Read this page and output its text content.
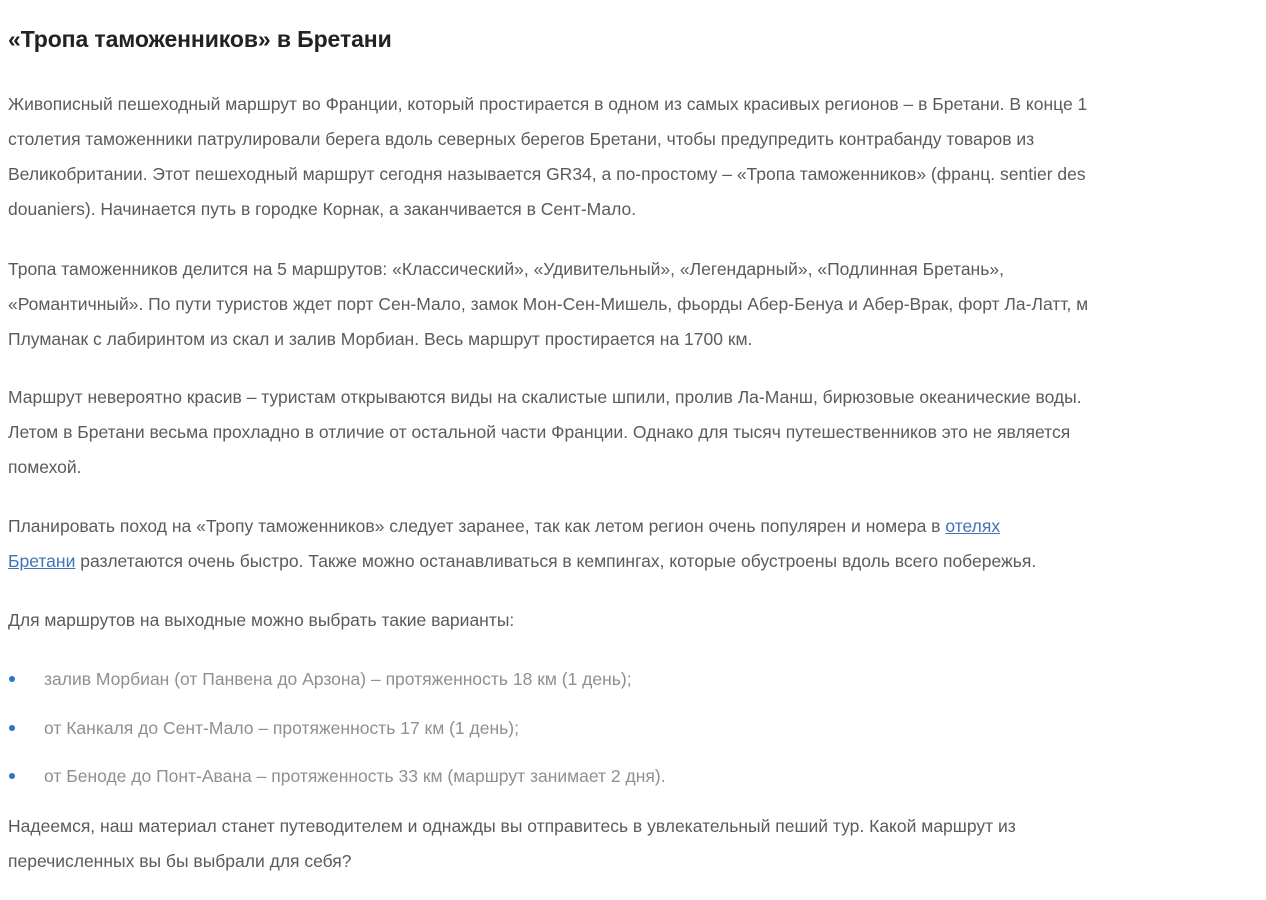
«Тропа таможенников» в Бретани

Живописный пешеходный маршрут во Франции, который простирается в одном из самых красивых регионов – в Бретани. В конце 1
столетия таможенники патрулировали берега вдоль северных берегов Бретани, чтобы предупредить контрабанду товаров из
Великобритании. Этот пешеходный маршрут сегодня называется GR34, а по-простому – «Тропа таможенников» (франц. sentier des
douaniers). Начинается путь в городке Корнак, а заканчивается в Сент-Мало.

Тропа таможенников делится на 5 маршрутов: «Классический», «Удивительный», «Легендарный», «Подлинная Бретань»,
«Романтичный». По пути туристов ждет порт Сен-Мало, замок Мон-Сен-Мишель, фьорды Абер-Бенуа и Абер-Врак, форт Ла-Латт, м
Плуманак с лабиринтом из скал и залив Морбиан. Весь маршрут простирается на 1700 км.

Маршрут невероятно красив – туристам открываются виды на скалистые шпили, пролив Ла-Манш, бирюзовые океанические воды.
Летом в Бретани весьма прохладно в отличие от остальной части Франции. Однако для тысяч путешественников это не является
помехой.

Планировать поход на «Тропу таможенников» следует заранее, так как летом регион очень популярен и номера в отелях
Бретани разлетаются очень быстро. Также можно останавливаться в кемпингах, которые обустроены вдоль всего побережья.

Для маршрутов на выходные можно выбрать такие варианты:

залив Морбиан (от Панвена до Арзона) – протяженность 18 км (1 день);
от Канкаля до Сент-Мало – протяженность 17 км (1 день);
от Беноде до Понт-Авана – протяженность 33 км (маршрут занимает 2 дня).

Надеемся, наш материал станет путеводителем и однажды вы отправитесь в увлекательный пеший тур. Какой маршрут из
перечисленных вы бы выбрали для себя?
